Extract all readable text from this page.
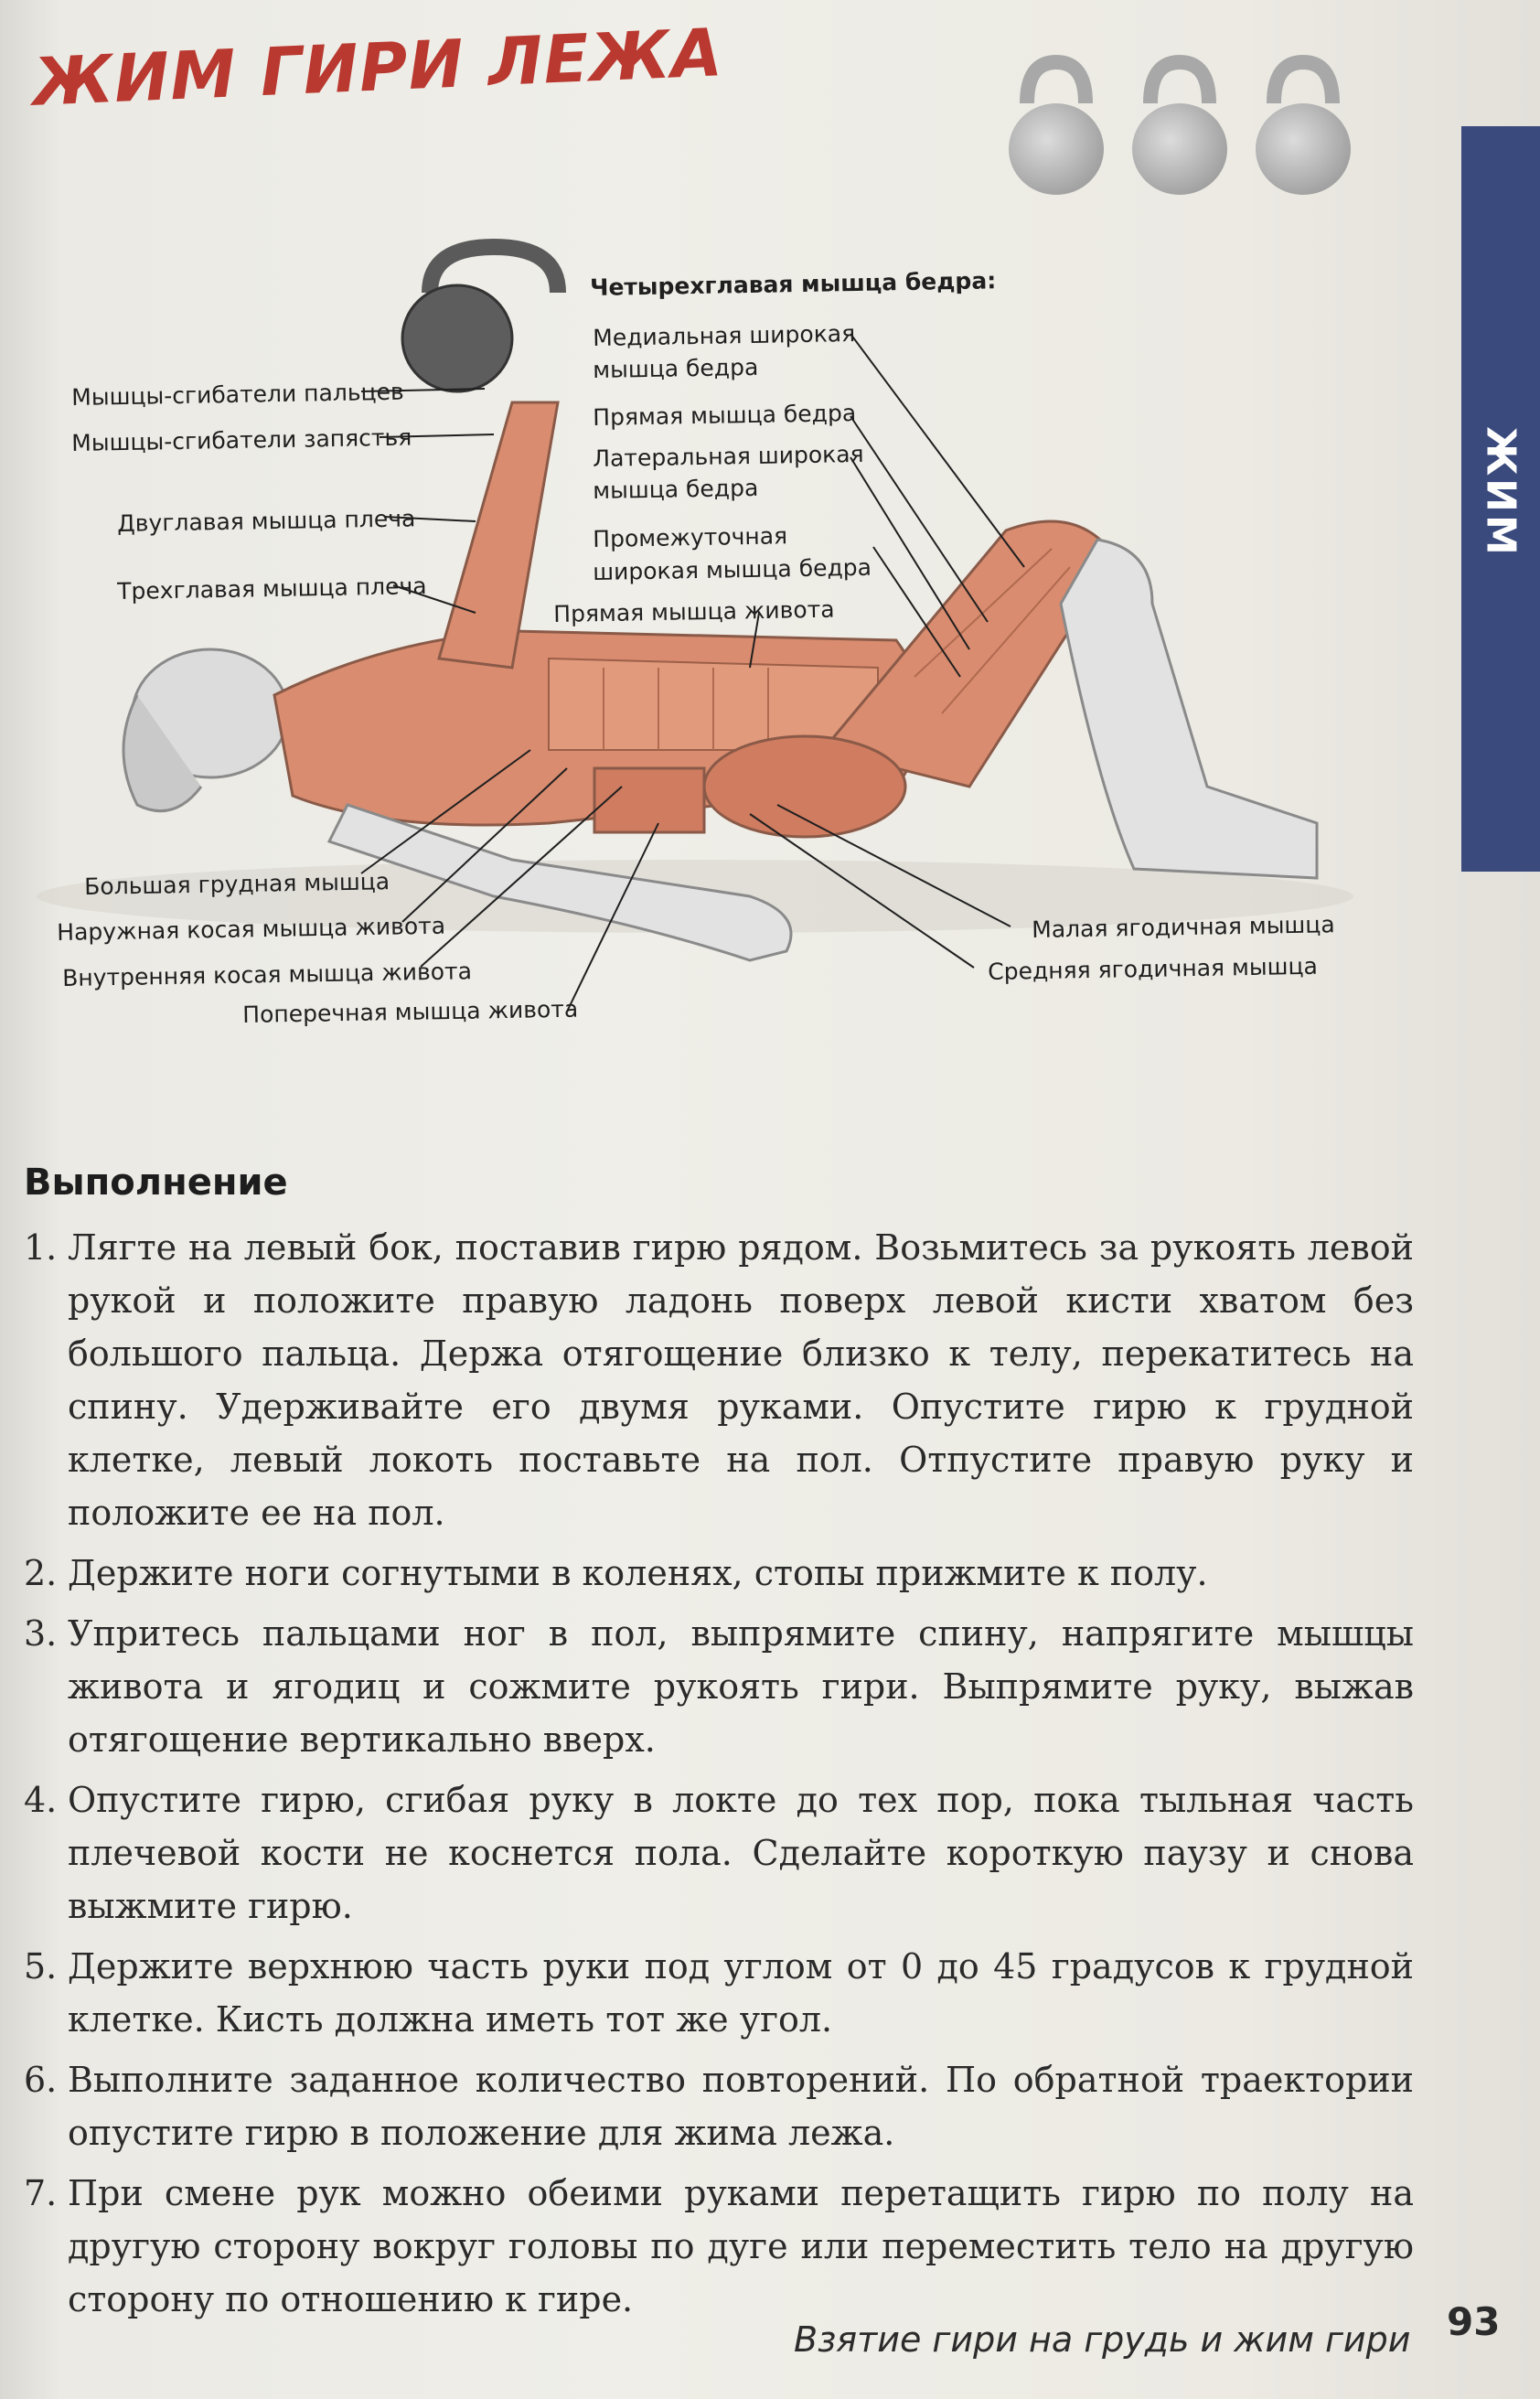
ЖИМ ГИРИ ЛЕЖА
ЖИМ
Четырехглавая мышца бедра:
Мышцы-сгибатели пальцев
Мышцы-сгибатели запястья
Двуглавая мышца плеча
Трехглавая мышца плеча
Медиальная широкая
мышца бедра
Прямая мышца бедра
Латеральная широкая
мышца бедра
Промежуточная
широкая мышца бедра
Прямая мышца живота
Большая грудная мышца
Наружная косая мышца живота
Внутренняя косая мышца живота
Поперечная мышца живота
Малая ягодичная мышца
Средняя ягодичная мышца
Выполнение
1. Лягте на левый бок, поставив гирю рядом. Возьмитесь за рукоять левой рукой и положите правую ладонь поверх левой кисти хватом без большого пальца. Держа отягощение близко к телу, перекатитесь на спину. Удерживайте его двумя руками. Опустите гирю к грудной клетке, левый локоть поставьте на пол. Отпустите правую руку и положите ее на пол.
2. Держите ноги согнутыми в коленях, стопы прижмите к полу.
3. Упритесь пальцами ног в пол, выпрямите спину, напрягите мышцы живота и ягодиц и сожмите рукоять гири. Выпрямите руку, выжав отягощение вертикально вверх.
4. Опустите гирю, сгибая руку в локте до тех пор, пока тыльная часть плечевой кости не коснется пола. Сделайте короткую паузу и снова выжмите гирю.
5. Держите верхнюю часть руки под углом от 0 до 45 градусов к грудной клетке. Кисть должна иметь тот же угол.
6. Выполните заданное количество повторений. По обратной траектории опустите гирю в положение для жима лежа.
7. При смене рук можно обеими руками перетащить гирю по полу на другую сторону вокруг головы по дуге или переместить тело на другую сторону по отношению к гире.
Взятие гири на грудь и жим гири 93
